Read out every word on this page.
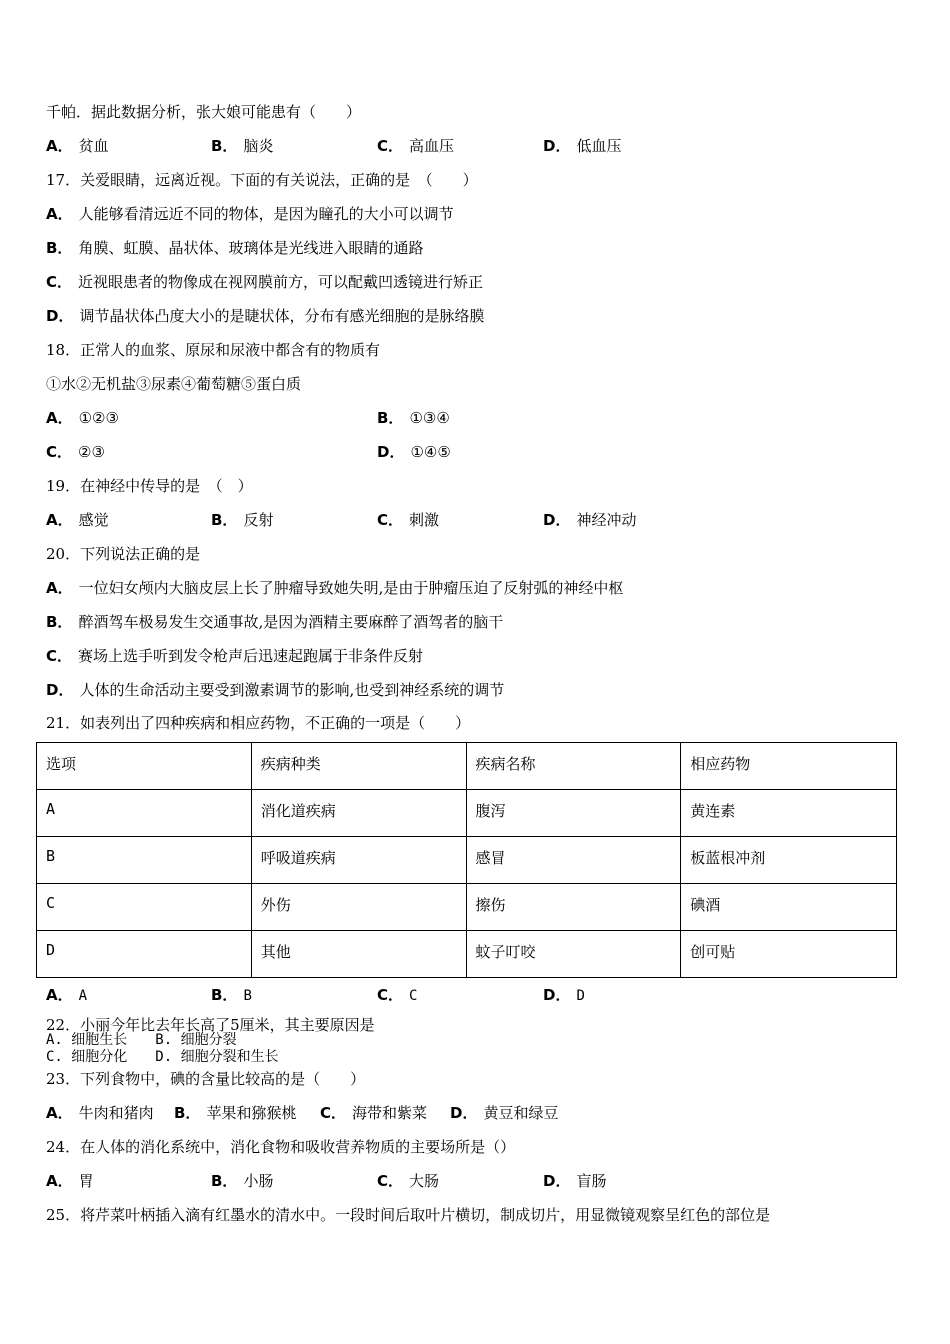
千帕．据此数据分析，张大娘可能患有（　　）
A． 贫血	B． 脑炎	C． 高血压	D． 低血压
17．关爱眼睛，远离近视。下面的有关说法，正确的是　（　　）
A． 人能够看清远近不同的物体，是因为瞳孔的大小可以调节
B． 角膜、虹膜、晶状体、玻璃体是光线进入眼睛的通路
C． 近视眼患者的物像成在视网膜前方，可以配戴凹透镜进行矫正
D． 调节晶状体凸度大小的是睫状体，分布有感光细胞的是脉络膜
18．正常人的血浆、原尿和尿液中都含有的物质有
①水②无机盐③尿素④葡萄糖⑤蛋白质
A． ①②③	B． ①③④
C． ②③	D． ①④⑤
19．在神经中传导的是　（　）
A． 感觉	B． 反射	C． 刺激	D． 神经冲动
20．下列说法正确的是
A． 一位妇女颅内大脑皮层上长了肿瘤导致她失明,是由于肿瘤压迫了反射弧的神经中枢
B． 醉酒驾车极易发生交通事故,是因为酒精主要麻醉了酒驾者的脑干
C． 赛场上选手听到发令枪声后迅速起跑属于非条件反射
D． 人体的生命活动主要受到激素调节的影响,也受到神经系统的调节
21．如表列出了四种疾病和相应药物，不正确的一项是（　　）
选项	疾病种类	疾病名称	相应药物
A	消化道疾病	腹泻	黄连素
B	呼吸道疾病	感冒	板蓝根冲剂
C	外伤	擦伤	碘酒
D	其他	蚊子叮咬	创可贴
A． A	B． B	C． C	D． D
22．小丽今年比去年长高了5厘米，其主要原因是
A. 细胞生长　　B. 细胞分裂
C. 细胞分化　　D. 细胞分裂和生长
23．下列食物中，碘的含量比较高的是（　　）
A． 牛肉和猪肉 B． 苹果和猕猴桃 C． 海带和紫菜 D． 黄豆和绿豆
24．在人体的消化系统中，消化食物和吸收营养物质的主要场所是（）
A． 胃	B． 小肠	C． 大肠	D． 盲肠
25．将芹菜叶柄插入滴有红墨水的清水中。一段时间后取叶片横切，制成切片，用显微镜观察呈红色的部位是
